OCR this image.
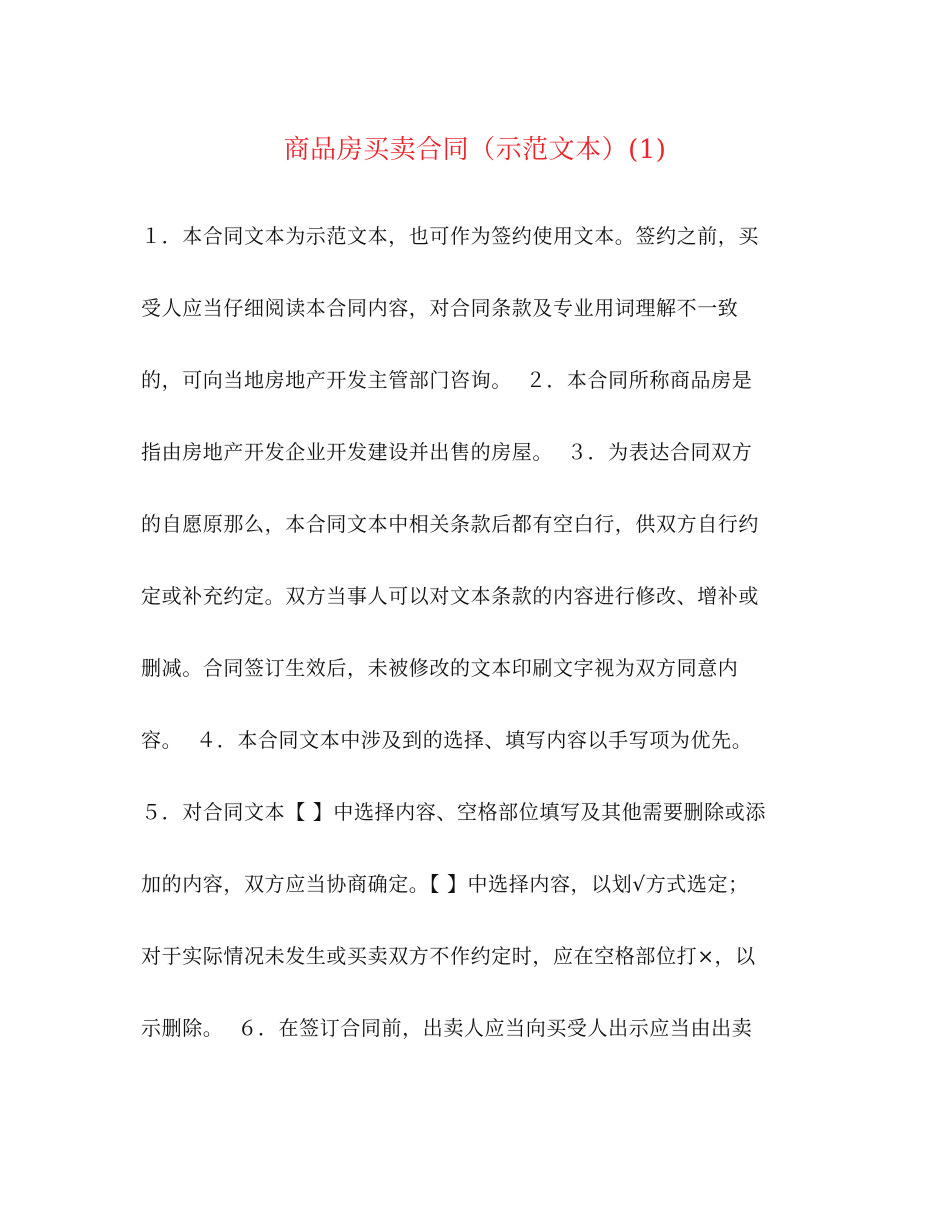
商品房买卖合同（示范文本）(1)

１．本合同文本为示范文本，也可作为签约使用文本。签约之前，买

受人应当仔细阅读本合同内容，对合同条款及专业用词理解不一致

的，可向当地房地产开发主管部门咨询。  ２．本合同所称商品房是

指由房地产开发企业开发建设并出售的房屋。  ３．为表达合同双方

的自愿原那么，本合同文本中相关条款后都有空白行，供双方自行约

定或补充约定。双方当事人可以对文本条款的内容进行修改、增补或

删减。合同签订生效后，未被修改的文本印刷文字视为双方同意内

容。  ４．本合同文本中涉及到的选择、填写内容以手写项为优先。

５．对合同文本【 】中选择内容、空格部位填写及其他需要删除或添

加的内容，双方应当协商确定。【 】中选择内容，以划√方式选定；

对于实际情况未发生或买卖双方不作约定时，应在空格部位打×，以

示删除。  ６．在签订合同前，出卖人应当向买受人出示应当由出卖
